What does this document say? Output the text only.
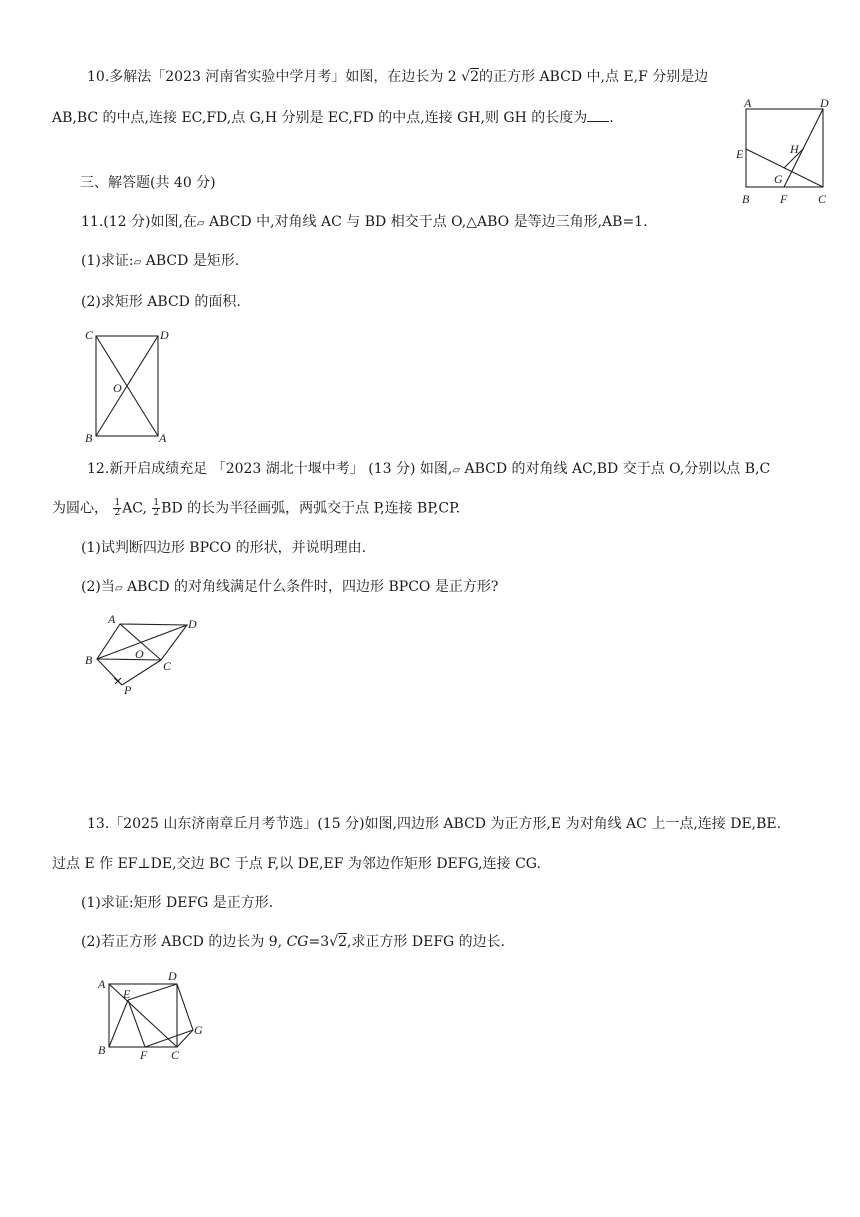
10.多解法「2023 河南省实验中学月考」如图，在边长为 2 √2的正方形 ABCD 中,点 E,F 分别是边
AB,BC 的中点,连接 EC,FD,点 G,H 分别是 EC,FD 的中点,连接 GH,则 GH 的长度为 .
A	D
E	H
G
B	F	C
三、解答题(共 40 分)
11.(12 分)如图,在▱ ABCD 中,对角线 AC 与 BD 相交于点 O,△ABO 是等边三角形,AB=1.
(1)求证:▱ ABCD 是矩形.
(2)求矩形 ABCD 的面积.
C	D
O
B	A
12.新开启成绩充足 「2023 湖北十堰中考」 (13 分) 如图,▱ ABCD 的对角线 AC,BD 交于点 O,分别以点 B,C
为圆心， $\frac{1}{2}$ AC, $\frac{1}{2}$ BD 的长为半径画弧，两弧交于点 P,连接 BP,CP.
(1)试判断四边形 BPCO 的形状，并说明理由.
(2)当▱ ABCD 的对角线满足什么条件时，四边形 BPCO 是正方形?
A	D
B	O
C
P
13.「2025 山东济南章丘月考节选」(15 分)如图,四边形 ABCD 为正方形,E 为对角线 AC 上一点,连接 DE,BE.
过点 E 作 EF⊥DE,交边 BC 于点 F,以 DE,EF 为邻边作矩形 DEFG,连接 CG.
(1)求证:矩形 DEFG 是正方形.
(2)若正方形 ABCD 的边长为 9, CG=3√2,求正方形 DEFG 的边长.
A
D
E
G
B	F C
